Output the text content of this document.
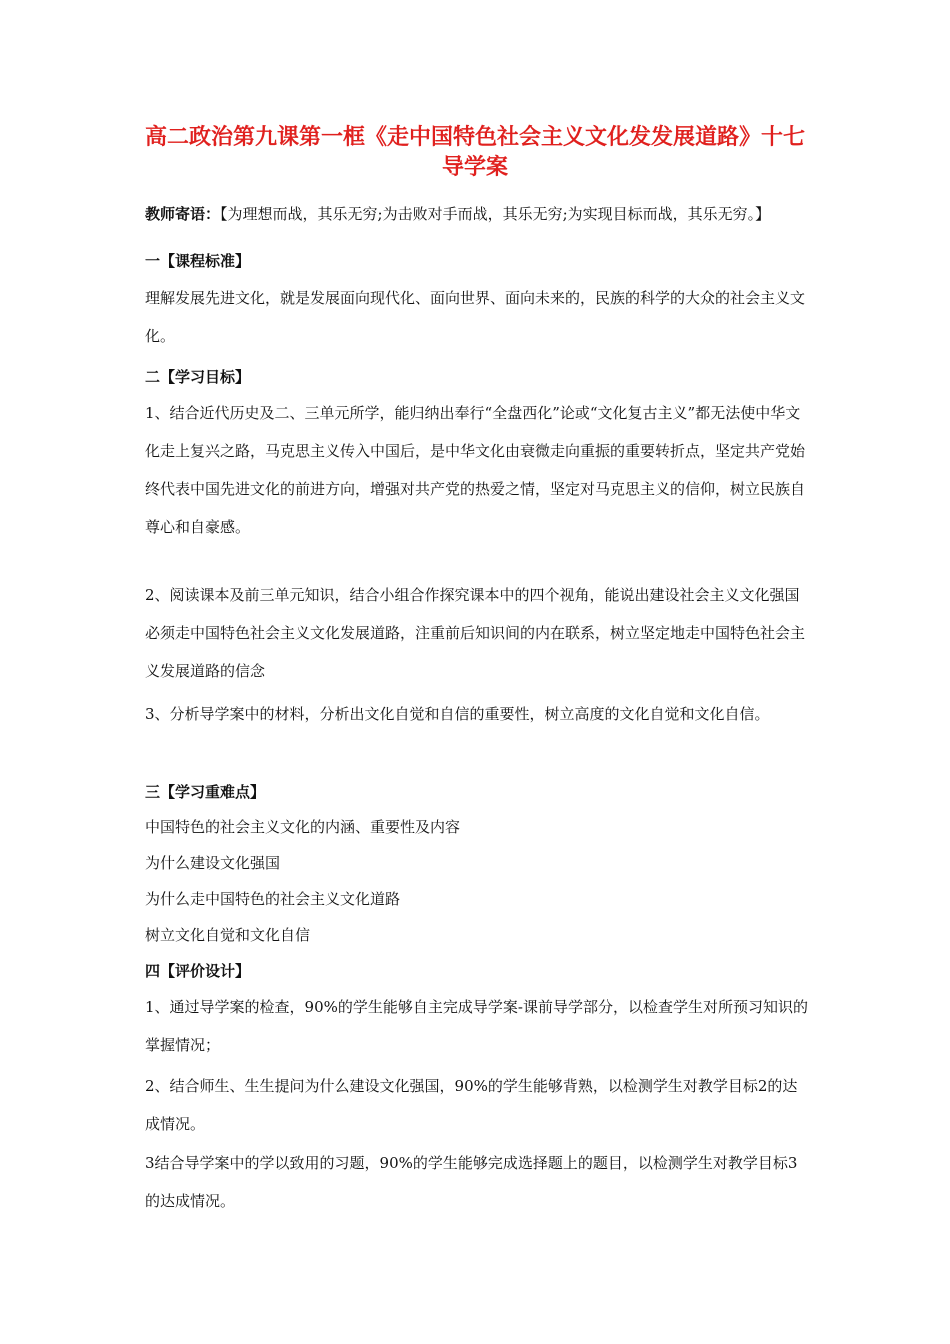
高二政治第九课第一框《走中国特色社会主义文化发发展道路》十七导学案
教师寄语：【为理想而战，其乐无穷;为击败对手而战，其乐无穷;为实现目标而战，其乐无穷。】
一【课程标准】
理解发展先进文化，就是发展面向现代化、面向世界、面向未来的，民族的科学的大众的社会主义文化。
二【学习目标】
1、结合近代历史及二、三单元所学，能归纳出奉行“全盘西化”论或“文化复古主义”都无法使中华文化走上复兴之路，马克思主义传入中国后，是中华文化由衰微走向重振的重要转折点，坚定共产党始终代表中国先进文化的前进方向，增强对共产党的热爱之情，坚定对马克思主义的信仰，树立民族自尊心和自豪感。
2、阅读课本及前三单元知识，结合小组合作探究课本中的四个视角，能说出建设社会主义文化强国必须走中国特色社会主义文化发展道路，注重前后知识间的内在联系，树立坚定地走中国特色社会主义发展道路的信念
3、分析导学案中的材料，分析出文化自觉和自信的重要性，树立高度的文化自觉和文化自信。
三【学习重难点】
中国特色的社会主义文化的内涵、重要性及内容
为什么建设文化强国
为什么走中国特色的社会主义文化道路
树立文化自觉和文化自信
四【评价设计】
1、通过导学案的检查，90%的学生能够自主完成导学案-课前导学部分，以检查学生对所预习知识的掌握情况；
2、结合师生、生生提问为什么建设文化强国，90%的学生能够背熟，以检测学生对教学目标2的达成情况。
3结合导学案中的学以致用的习题，90%的学生能够完成选择题上的题目，以检测学生对教学目标3的达成情况。
